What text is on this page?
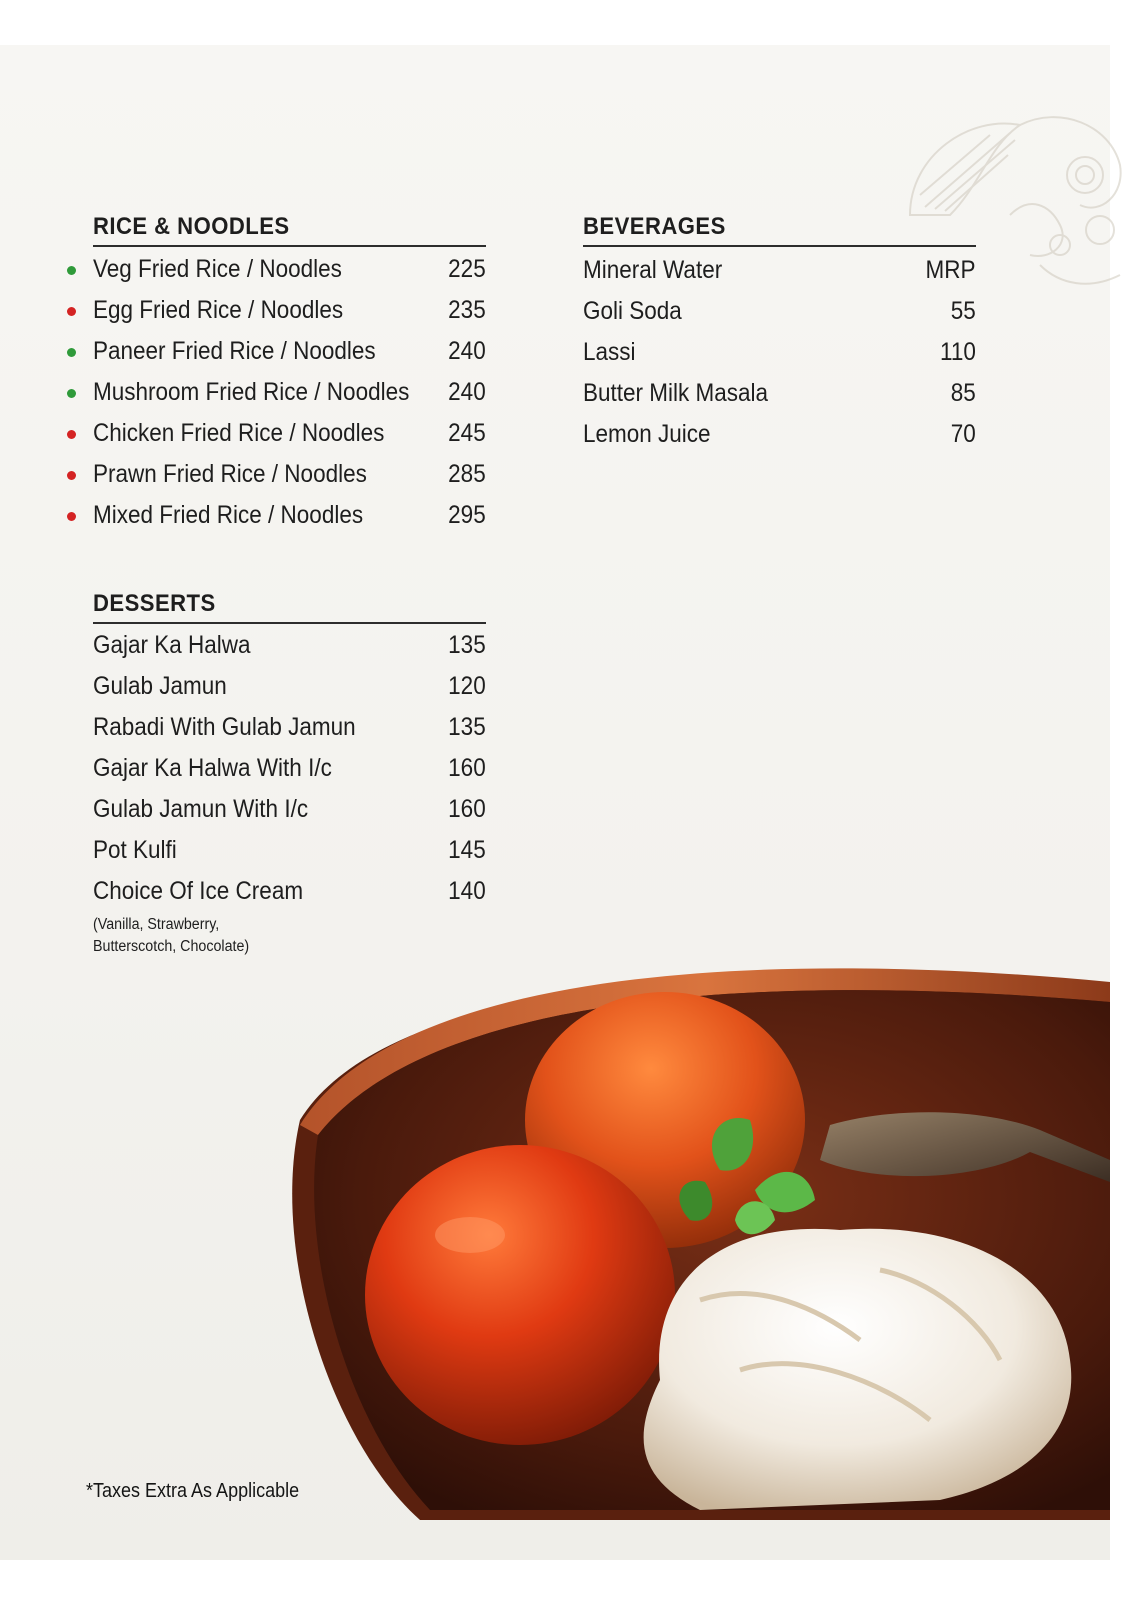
RICE & NOODLES
Veg Fried Rice / Noodles	225
Egg Fried Rice / Noodles	235
Paneer Fried Rice / Noodles	240
Mushroom Fried Rice / Noodles 240
Chicken Fried Rice / Noodles	245
Prawn Fried Rice / Noodles	285
Mixed Fried Rice / Noodles	295
BEVERAGES
Mineral Water	MRP
Goli Soda	55
Lassi	110
Butter Milk Masala	85
Lemon Juice	70
DESSERTS
Gajar Ka Halwa	135
Gulab Jamun	120
Rabadi With Gulab Jamun	135
Gajar Ka Halwa With I/c	160
Gulab Jamun With I/c	160
Pot Kulfi	145
Choice Of Ice Cream	140
(Vanilla, Strawberry,
Butterscotch, Chocolate)
*Taxes Extra As Applicable
